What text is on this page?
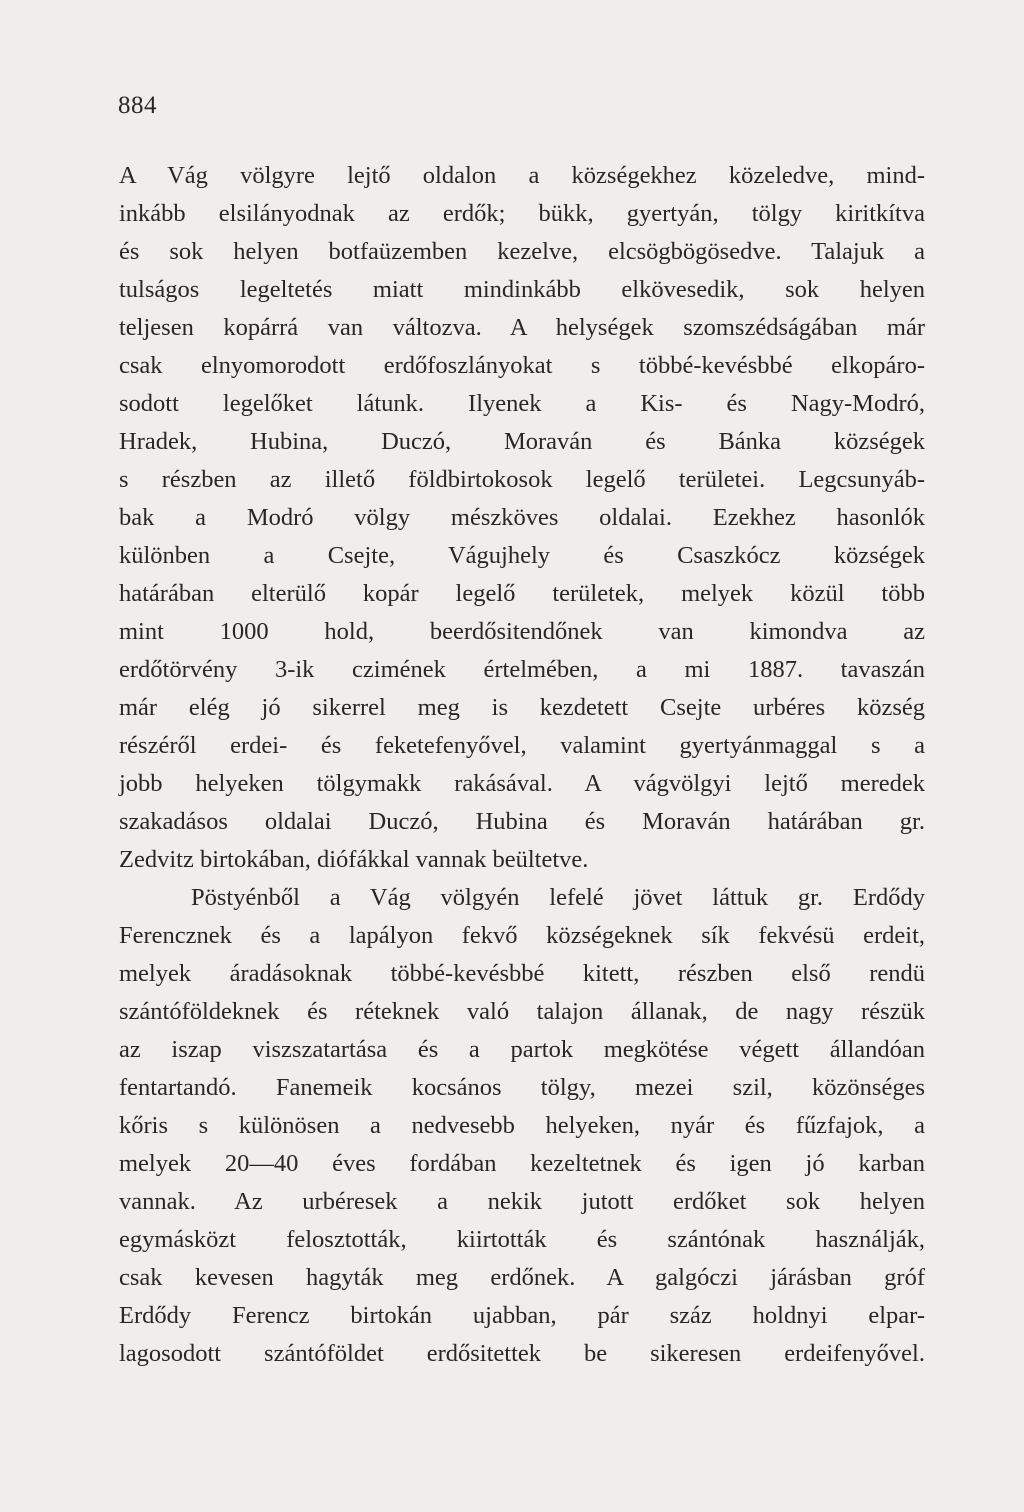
884
A Vág völgyre lejtő oldalon a községekhez közeledve, mind-
inkább elsilányodnak az erdők; bükk, gyertyán, tölgy kiritkítva
és sok helyen botfaüzemben kezelve, elcsögbögösedve. Talajuk a
tulságos legeltetés miatt mindinkább elkövesedik, sok helyen
teljesen kopárrá van változva. A helységek szomszédságában már
csak elnyomorodott erdőfoszlányokat s többé-kevésbbé elkopáro-
sodott legelőket látunk. Ilyenek a Kis- és Nagy-Modró,
Hradek, Hubina, Duczó, Moraván és Bánka községek
s részben az illető földbirtokosok legelő területei. Legcsunyáb-
bak a Modró völgy mészköves oldalai. Ezekhez hasonlók
különben a Csejte, Vágujhely és Csaszkócz községek
határában elterülő kopár legelő területek, melyek közül több
mint 1000 hold, beerdősitendőnek van kimondva az
erdőtörvény 3-ik czimének értelmében, a mi 1887. tavaszán
már elég jó sikerrel meg is kezdetett Csejte urbéres község
részéről erdei- és feketefenyővel, valamint gyertyánmaggal s a
jobb helyeken tölgymakk rakásával. A vágvölgyi lejtő meredek
szakadásos oldalai Duczó, Hubina és Moraván határában gr.
Zedvitz birtokában, diófákkal vannak beültetve.
Pöstyénből a Vág völgyén lefelé jövet láttuk gr. Erdődy
Ferencznek és a lapályon fekvő községeknek sík fekvésü erdeit,
melyek áradásoknak többé-kevésbbé kitett, részben első rendü
szántóföldeknek és réteknek való talajon állanak, de nagy részük
az iszap viszszatartása és a partok megkötése végett állandóan
fentartandó. Fanemeik kocsános tölgy, mezei szil, közönséges
kőris s különösen a nedvesebb helyeken, nyár és fűzfajok, a
melyek 20—40 éves fordában kezeltetnek és igen jó karban
vannak. Az urbéresek a nekik jutott erdőket sok helyen
egymásközt felosztották, kiirtották és szántónak használják,
csak kevesen hagyták meg erdőnek. A galgóczi járásban gróf
Erdődy Ferencz birtokán ujabban, pár száz holdnyi elpar-
lagosodott szántóföldet erdősitettek be sikeresen erdeifenyővel.
